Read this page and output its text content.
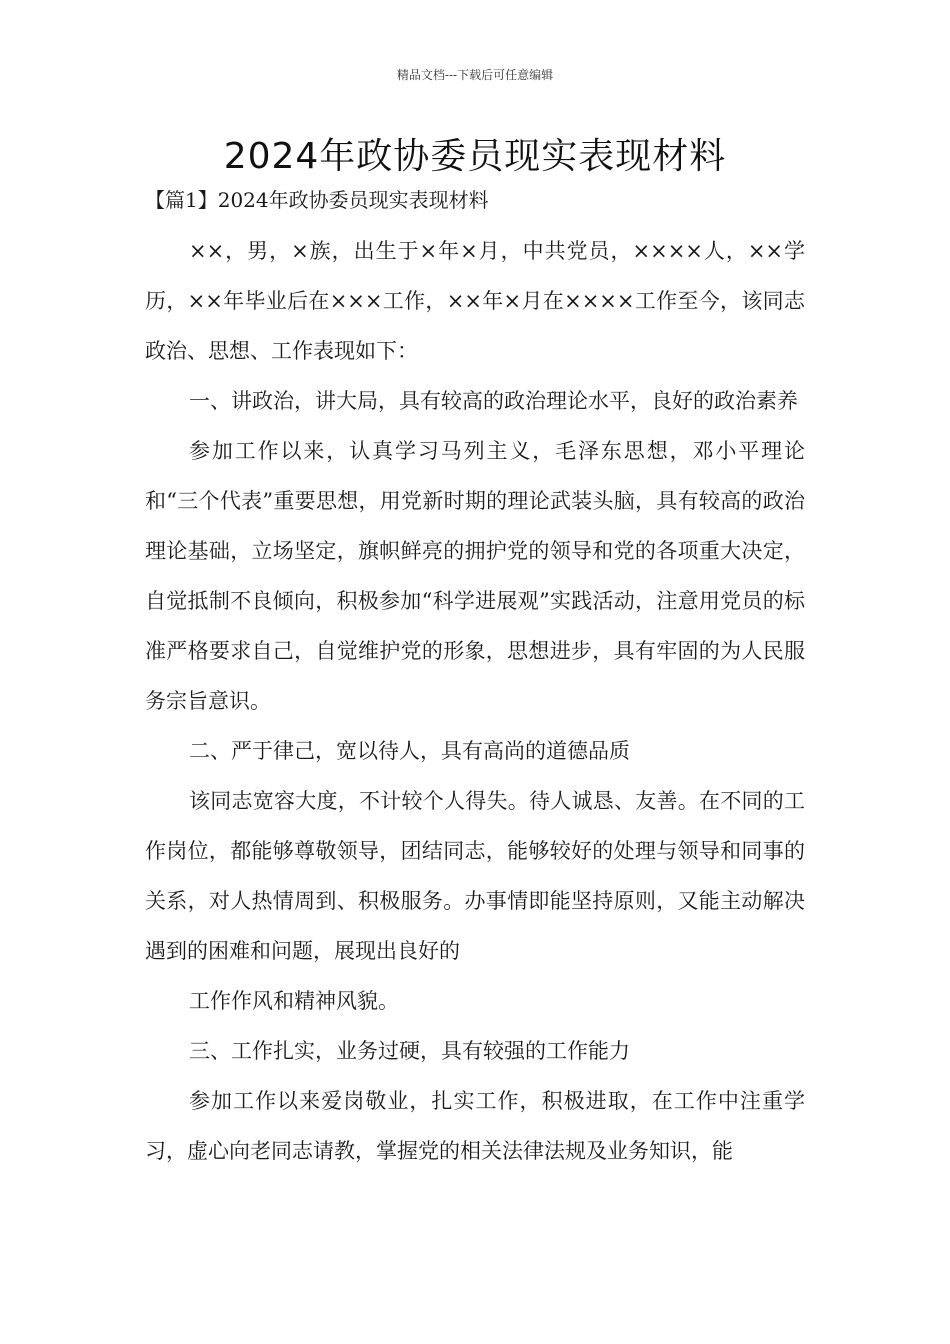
精品文档---下载后可任意编辑
2024年政协委员现实表现材料
【篇1】2024年政协委员现实表现材料

××，男，×族，出生于×年×月，中共党员，××××人，××学历，××年毕业后在×××工作，××年×月在××××工作至今，该同志政治、思想、工作表现如下：

一、讲政治，讲大局，具有较高的政治理论水平，良好的政治素养

参加工作以来，认真学习马列主义，毛泽东思想，邓小平理论和“三个代表”重要思想，用党新时期的理论武装头脑，具有较高的政治理论基础，立场坚定，旗帜鲜亮的拥护党的领导和党的各项重大决定，自觉抵制不良倾向，积极参加“科学进展观”实践活动，注意用党员的标准严格要求自己，自觉维护党的形象，思想进步，具有牢固的为人民服务宗旨意识。

二、严于律己，宽以待人，具有高尚的道德品质

该同志宽容大度，不计较个人得失。待人诚恳、友善。在不同的工作岗位，都能够尊敬领导，团结同志，能够较好的处理与领导和同事的关系，对人热情周到、积极服务。办事情即能坚持原则，又能主动解决遇到的困难和问题，展现出良好的

工作作风和精神风貌。

三、工作扎实，业务过硬，具有较强的工作能力

参加工作以来爱岗敬业，扎实工作，积极进取，在工作中注重学习，虚心向老同志请教，掌握党的相关法律法规及业务知识，能
